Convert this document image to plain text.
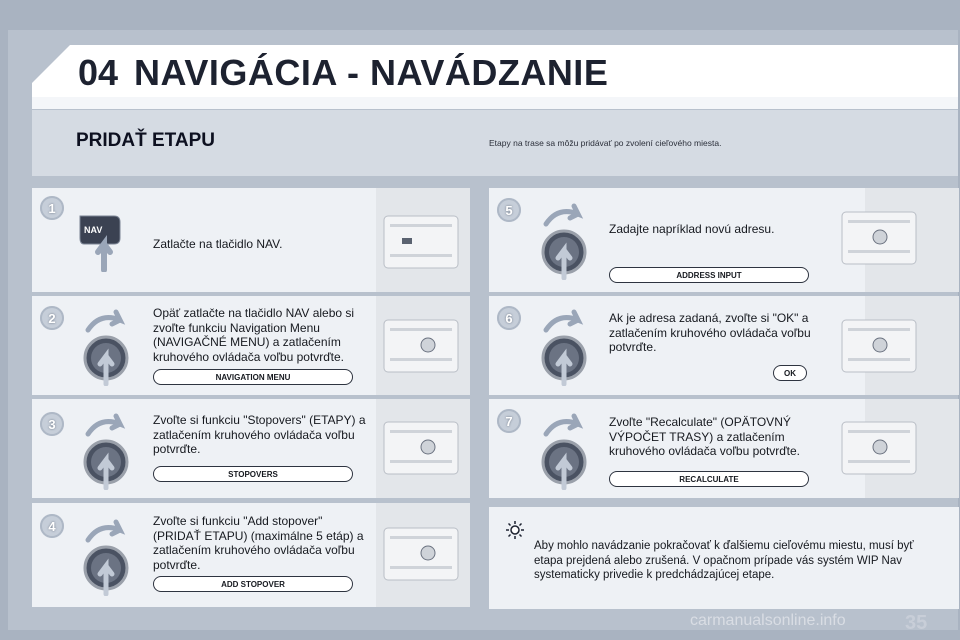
04 NAVIGÁCIA - NAVÁDZANIE
PRIDAŤ ETAPU	Etapy na trase sa môžu pridávať po zvolení cieľového miesta.
1
NAV
Zatlačte na tlačidlo NAV.
2	Opäť zatlačte na tlačidlo NAV alebo si zvoľte funkciu Navigation Menu (NAVIGAČNÉ MENU) a zatlačením kruhového ovládača voľbu potvrďte.
NAVIGATION MENU
3	Zvoľte si funkciu "Stopovers" (ETAPY) a zatlačením kruhového ovládača voľbu potvrďte.
STOPOVERS
4	Zvoľte si funkciu "Add stopover" (PRIDAŤ ETAPU) (maximálne 5 etáp) a zatlačením kruhového ovládača voľbu potvrďte.
ADD STOPOVER
5
Zadajte napríklad novú adresu.
ADDRESS INPUT
6	Ak je adresa zadaná, zvoľte si "OK" a zatlačením kruhového ovládača voľbu potvrďte.
OK
7	Zvoľte "Recalculate" (OPÄTOVNÝ VÝPOČET TRASY) a zatlačením kruhového ovládača voľbu potvrďte.
RECALCULATE
Aby mohlo navádzanie pokračovať k ďalšiemu cieľovému miestu, musí byť etapa prejdená alebo zrušená. V opačnom prípade vás systém WIP Nav systematicky privedie k predchádzajúcej etape.
carmanualsonline.info	35
